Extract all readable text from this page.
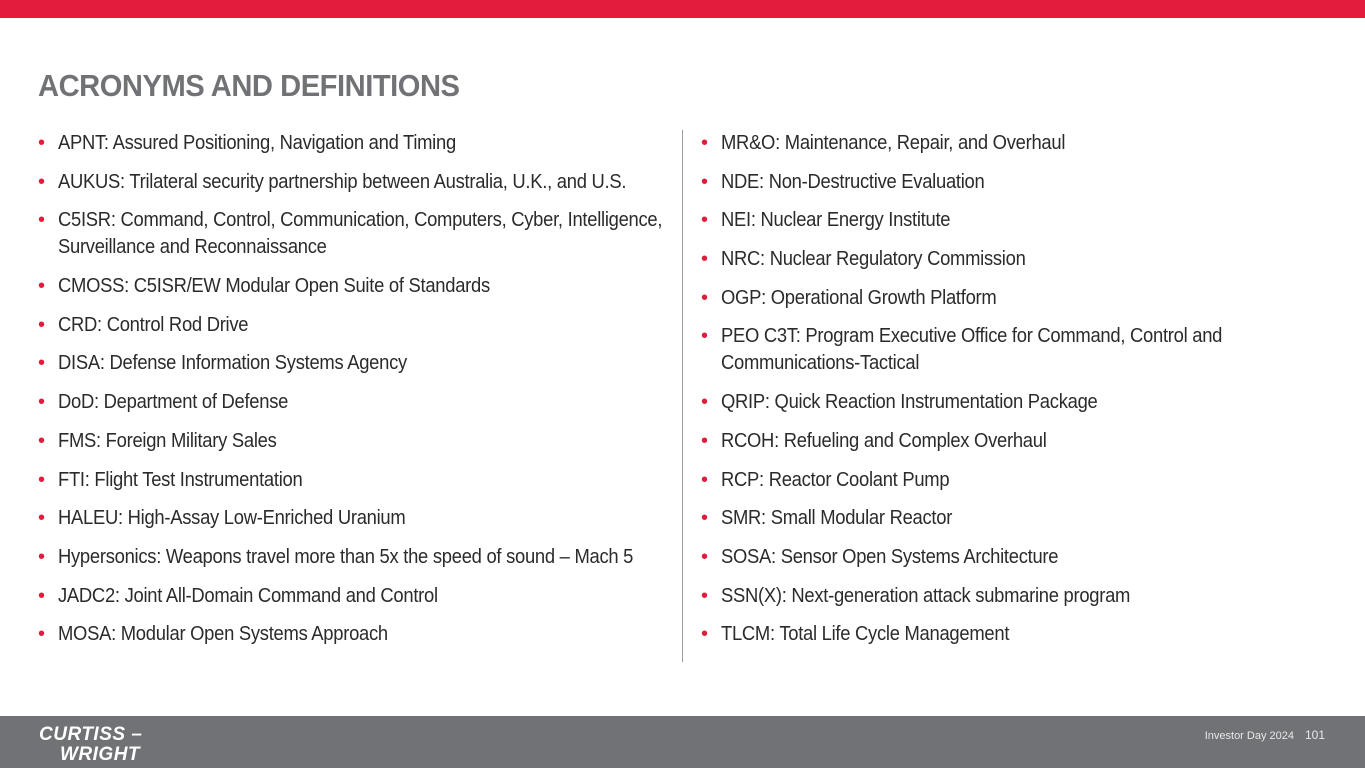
ACRONYMS AND DEFINITIONS
• APNT: Assured Positioning, Navigation and Timing
• AUKUS: Trilateral security partnership between Australia, U.K., and U.S.
• C5ISR: Command, Control, Communication, Computers, Cyber, Intelligence, Surveillance and Reconnaissance
• CMOSS: C5ISR/EW Modular Open Suite of Standards
• CRD: Control Rod Drive
• DISA: Defense Information Systems Agency
• DoD: Department of Defense
• FMS: Foreign Military Sales
• FTI: Flight Test Instrumentation
• HALEU: High-Assay Low-Enriched Uranium
• Hypersonics: Weapons travel more than 5x the speed of sound – Mach 5
• JADC2: Joint All-Domain Command and Control
• MOSA: Modular Open Systems Approach
• MR&O: Maintenance, Repair, and Overhaul
• NDE: Non-Destructive Evaluation
• NEI: Nuclear Energy Institute
• NRC: Nuclear Regulatory Commission
• OGP: Operational Growth Platform
• PEO C3T: Program Executive Office for Command, Control and Communications-Tactical
• QRIP: Quick Reaction Instrumentation Package
• RCOH: Refueling and Complex Overhaul
• RCP: Reactor Coolant Pump
• SMR: Small Modular Reactor
• SOSA: Sensor Open Systems Architecture
• SSN(X): Next-generation attack submarine program
• TLCM: Total Life Cycle Management
CURTISS –
WRIGHT
Investor Day 2024 101
